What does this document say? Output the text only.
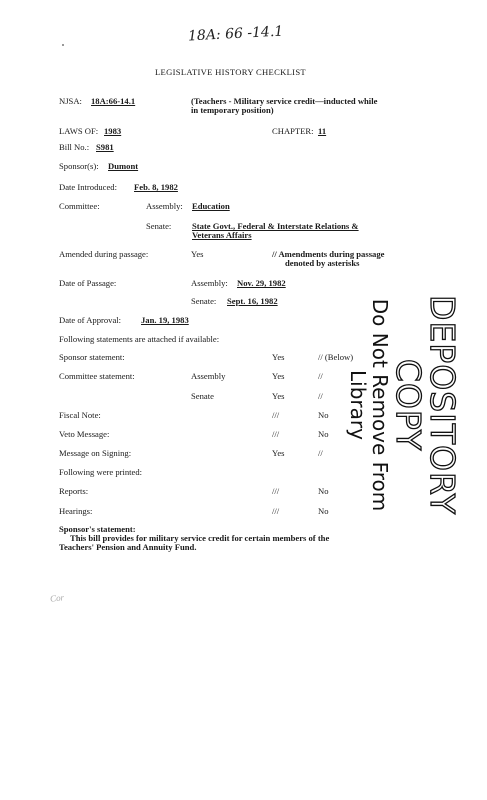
18A: 66 -14.1
LEGISLATIVE HISTORY CHECKLIST
NJSA: 18A:66-14.1	(Teachers - Military service credit—inducted while
in temporary position)
LAWS OF: 1983	CHAPTER: 11
Bill No.: S981
Sponsor(s): Dumont
Date Introduced: Feb. 8, 1982
Committee:	Assembly: Education
Senate: State Govt., Federal & Interstate Relations &
Veterans Affairs
Amended during passage:	Yes	// Amendments during passage
denoted by asterisks
Date of Passage:	Assembly: Nov. 29, 1982
Senate: Sept. 16, 1982
Date of Approval: Jan. 19, 1983
Following statements are attached if available:
Sponsor statement:	Yes	// (Below)
Committee statement:	Assembly	Yes	//
Senate	Yes	//
Fiscal Note:	///	No
Veto Message:	///	No
Message on Signing:	Yes	//
Following were printed:
Reports:	///	No
Hearings:	///	No
Sponsor's statement:
This bill provides for military service credit for certain members of the
Teachers' Pension and Annuity Fund.
Cor
DEPOSITORY COPY
Do Not Remove From Library
